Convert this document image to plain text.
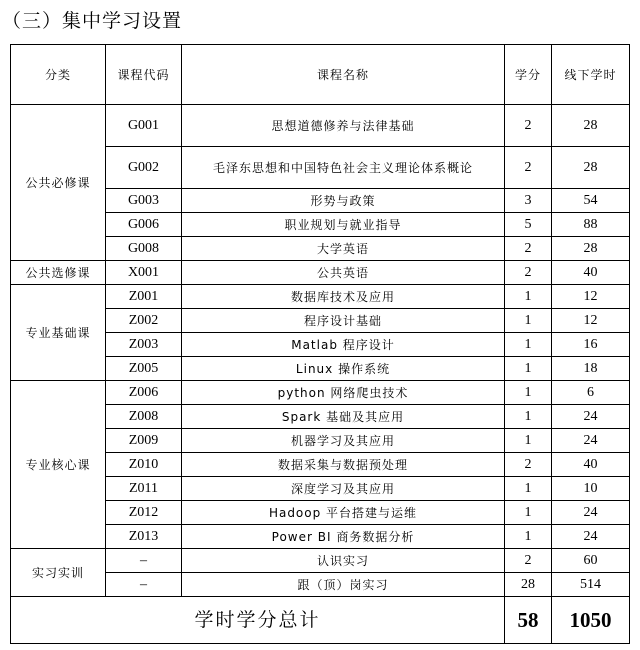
（三）集中学习设置
分类	课程代码	课程名称	学分	线下学时
公共必修课	G001	思想道德修养与法律基础	2	28
	G002	毛泽东思想和中国特色社会主义理论体系概论	2	28
	G003	形势与政策	3	54
	G006	职业规划与就业指导	5	88
	G008	大学英语	2	28
公共选修课	X001	公共英语	2	40
专业基础课	Z001	数据库技术及应用	1	12
	Z002	程序设计基础	1	12
	Z003	Matlab 程序设计	1	16
	Z005	Linux 操作系统	1	18
专业核心课	Z006	python 网络爬虫技术	1	6
	Z008	Spark 基础及其应用	1	24
	Z009	机器学习及其应用	1	24
	Z010	数据采集与数据预处理	2	40
	Z011	深度学习及其应用	1	10
	Z012	Hadoop 平台搭建与运维	1	24
	Z013	Power BI 商务数据分析	1	24
实习实训	–	认识实习	2	60
	–	跟（顶）岗实习	28	514
学时学分总计			58	1050
